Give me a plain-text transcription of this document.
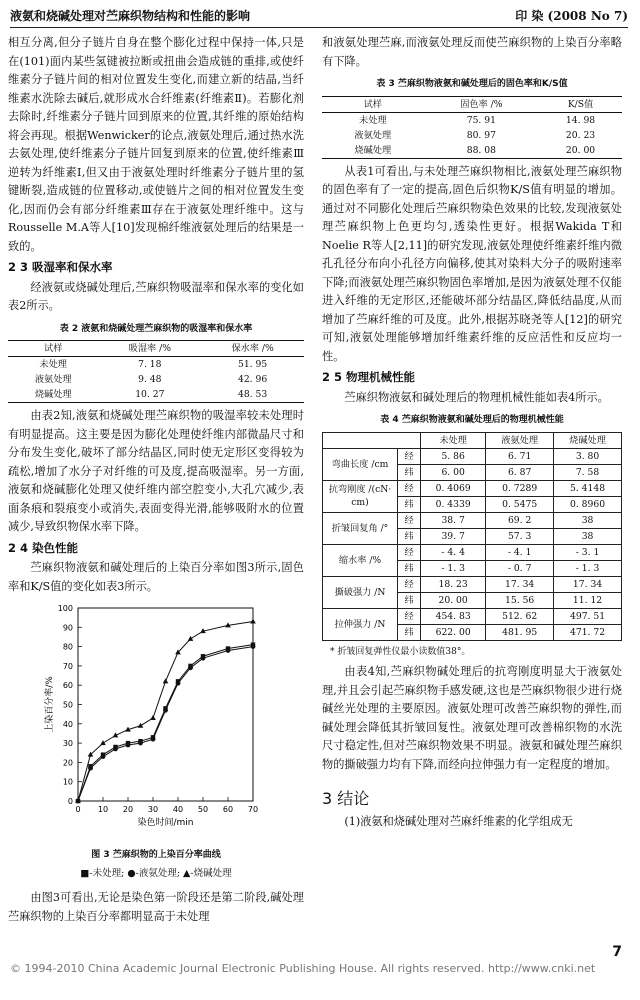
液氨和烧碱处理对苎麻织物结构和性能的影响	印 染 (2008 No 7)

相互分离,但分子链片自身在整个膨化过程中保持一体,只是在(101)面内某些氢键被拉断或扭曲会造成链的重排,或使纤维素分子链片间的相对位置发生变化,而建立新的结晶,当纤维素水洗除去碱后,就形成水合纤维素(纤维素Ⅱ)。若膨化剂去除时,纤维素分子链片回到原来的位置,其纤维的原始结构将会再现。根据Wenwicker的论点,液氨处理后,通过热水洗去氨处理,使纤维素分子链片回复到原来的位置,使纤维素Ⅲ逆转为纤维素Ⅰ,但又由于液氨处理时纤维素分子链片里的氢键断裂,造成链的位置移动,或使链片之间的相对位置发生变化,因而仍会有部分纤维素Ⅲ存在于液氨处理纤维中。这与Rousselle M.A等人[10]发现棉纤维液氨处理后的结果是一致的。

2 3 吸湿率和保水率

经液氨或烧碱处理后,苎麻织物吸湿率和保水率的变化如表2所示。

表 2 液氨和烧碱处理苎麻织物的吸湿率和保水率
试样	吸湿率 /%	保水率 /%
未处理	7. 18	51. 95
液氨处理	9. 48	42. 96
烧碱处理	10. 27	48. 53

由表2知,液氨和烧碱处理苎麻织物的吸湿率较未处理时有明显提高。这主要是因为膨化处理使纤维内部微晶尺寸和分布发生变化,破坏了部分结晶区,同时使无定形区变得较为疏松,增加了水分子对纤维的可及度,提高吸湿率。另一方面,液氨和烧碱膨化处理又使纤维内部空腔变小,大孔穴减少,表面条痕和裂痕变小或消失,表面变得光滑,能够吸附水的位置减少,导致织物保水率下降。

2 4 染色性能

苎麻织物液氨和碱处理后的上染百分率如图3所示,固色率和K/S值的变化如表3所示。

0
10
20
30
40
50
60
70
80
90
100
0 10 20 30 40 50 60 70
染色时间/min
上染百分率/%
图 3 苎麻织物的上染百分率曲线
■-未处理; ●-液氨处理; ▲-烧碱处理

由图3可看出,无论是染色第一阶段还是第二阶段,碱处理苎麻织物的上染百分率都明显高于未处理

和液氨处理苎麻,而液氨处理反而使苎麻织物的上染百分率略有下降。

表 3 苎麻织物液氨和碱处理后的固色率和K/S值
试样	固色率 /%	K/S值
未处理	75. 91	14. 98
液氨处理	80. 97	20. 23
烧碱处理	88. 08	20. 00

从表1可看出,与未处理苎麻织物相比,液氨处理苎麻织物的固色率有了一定的提高,固色后织物K/S值有明显的增加。通过对不同膨化处理后苎麻织物染色效果的比较,发现液氨处理苎麻织物上色更均匀,透染性更好。根据Wakida T和Noelie R等人[2,11]的研究发现,液氨处理使纤维素纤维内微孔孔径分布向小孔径方向偏移,使其对染料大分子的吸附速率下降;而液氨处理苎麻织物固色率增加,是因为液氨处理不仅能进入纤维的无定形区,还能破坏部分结晶区,降低结晶度,从而增加了苎麻纤维的可及度。此外,根据苏晓尧等人[12]的研究可知,液氨处理能够增加纤维素纤维的反应活性和反应均一性。

2 5 物理机械性能

苎麻织物液氨和碱处理后的物理机械性能如表4所示。

表 4 苎麻织物液氨和碱处理后的物理机械性能
		未处理	液氨处理	烧碱处理
弯曲长度 /cm	经	5. 86	6. 71	3. 80
	纬	6. 00	6. 87	7. 58
抗弯刚度 /(cN· cm)	经	0. 4069	0. 7289	5. 4148
	纬	0. 4339	0. 5475	0. 8960
折皱回复角 /°	经	38. 7	69. 2	38
	纬	39. 7	57. 3	38
缩水率 /%	经	- 4. 4	- 4. 1	- 3. 1
	纬	- 1. 3	- 0. 7	- 1. 3
撕破强力 /N	经	18. 23	17. 34	17. 34
	纬	20. 00	15. 56	11. 12
拉伸强力 /N	经	454. 83	512. 62	497. 51
	纬	622. 00	481. 95	471. 72
* 折皱回复弹性仪最小读数值38°。

由表4知,苎麻织物碱处理后的抗弯刚度明显大于液氨处理,并且会引起苎麻织物手感发硬,这也是苎麻织物很少进行烧碱丝光处理的主要原因。液氨处理可改善苎麻织物的弹性,而碱处理会降低其折皱回复性。液氨处理可改善棉织物的水洗尺寸稳定性,但对苎麻织物效果不明显。液氨和碱处理苎麻织物的撕破强力均有下降,而经向拉伸强力有一定程度的增加。

3 结论

(1)液氨和烧碱处理对苎麻纤维素的化学组成无

7
© 1994-2010 China Academic Journal Electronic Publishing House. All rights reserved. http://www.cnki.net
